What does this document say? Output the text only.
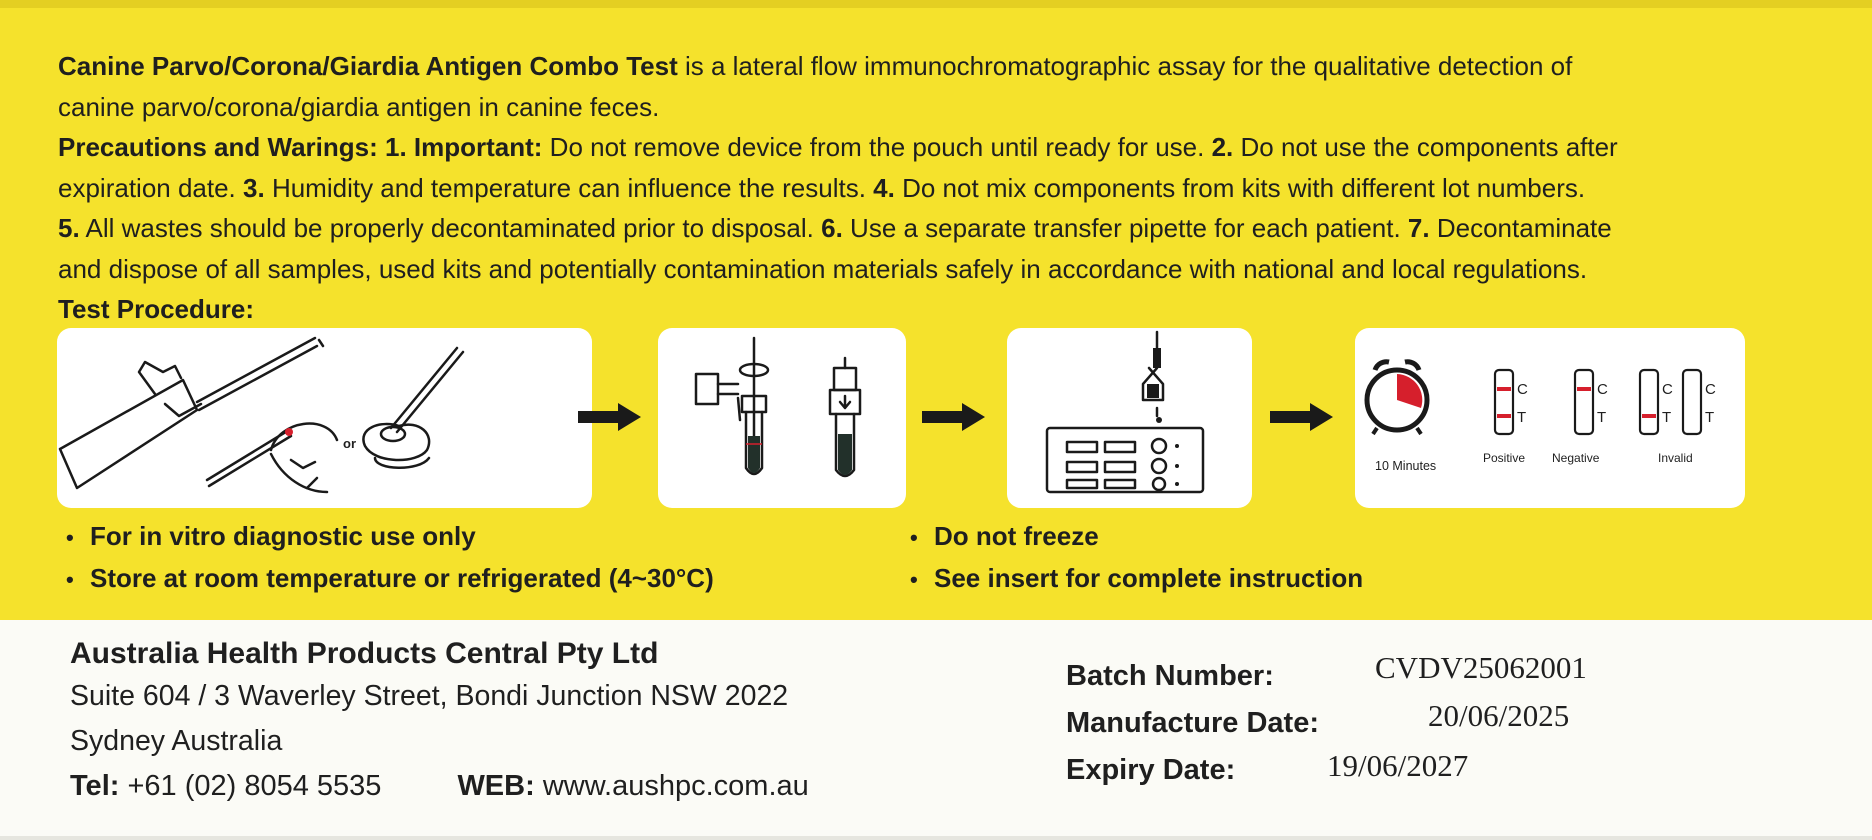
Canine Parvo/Corona/Giardia Antigen Combo Test is a lateral flow immunochromatographic assay for the qualitative detection of

canine parvo/corona/giardia antigen in canine feces.

Precautions and Warings: 1. Important: Do not remove device from the pouch until ready for use. 2. Do not use the components after

expiration date. 3. Humidity and temperature can influence the results. 4. Do not mix components from kits with different lot numbers.

5. All wastes should be properly decontaminated prior to disposal. 6. Use a separate transfer pipette for each patient. 7. Decontaminate

and dispose of all samples, used kits and potentially contamination materials safely in accordance with national and local regulations.

Test Procedure:

or
10 Minutes
C
T
C
T
C
T
C
T
Positive Negative	Invalid
• For in vitro diagnostic use only
• Store at room temperature or refrigerated (4~30°C)
• Do not freeze
• See insert for complete instruction
Australia Health Products Central Pty Ltd
Suite 604 / 3 Waverley Street, Bondi Junction NSW 2022
Sydney Australia
Tel: +61 (02) 8054 5535	WEB: www.aushpc.com.au
Batch Number:	CVDV25062001
Manufacture Date:	20/06/2025
Expiry Date:	19/06/2027
